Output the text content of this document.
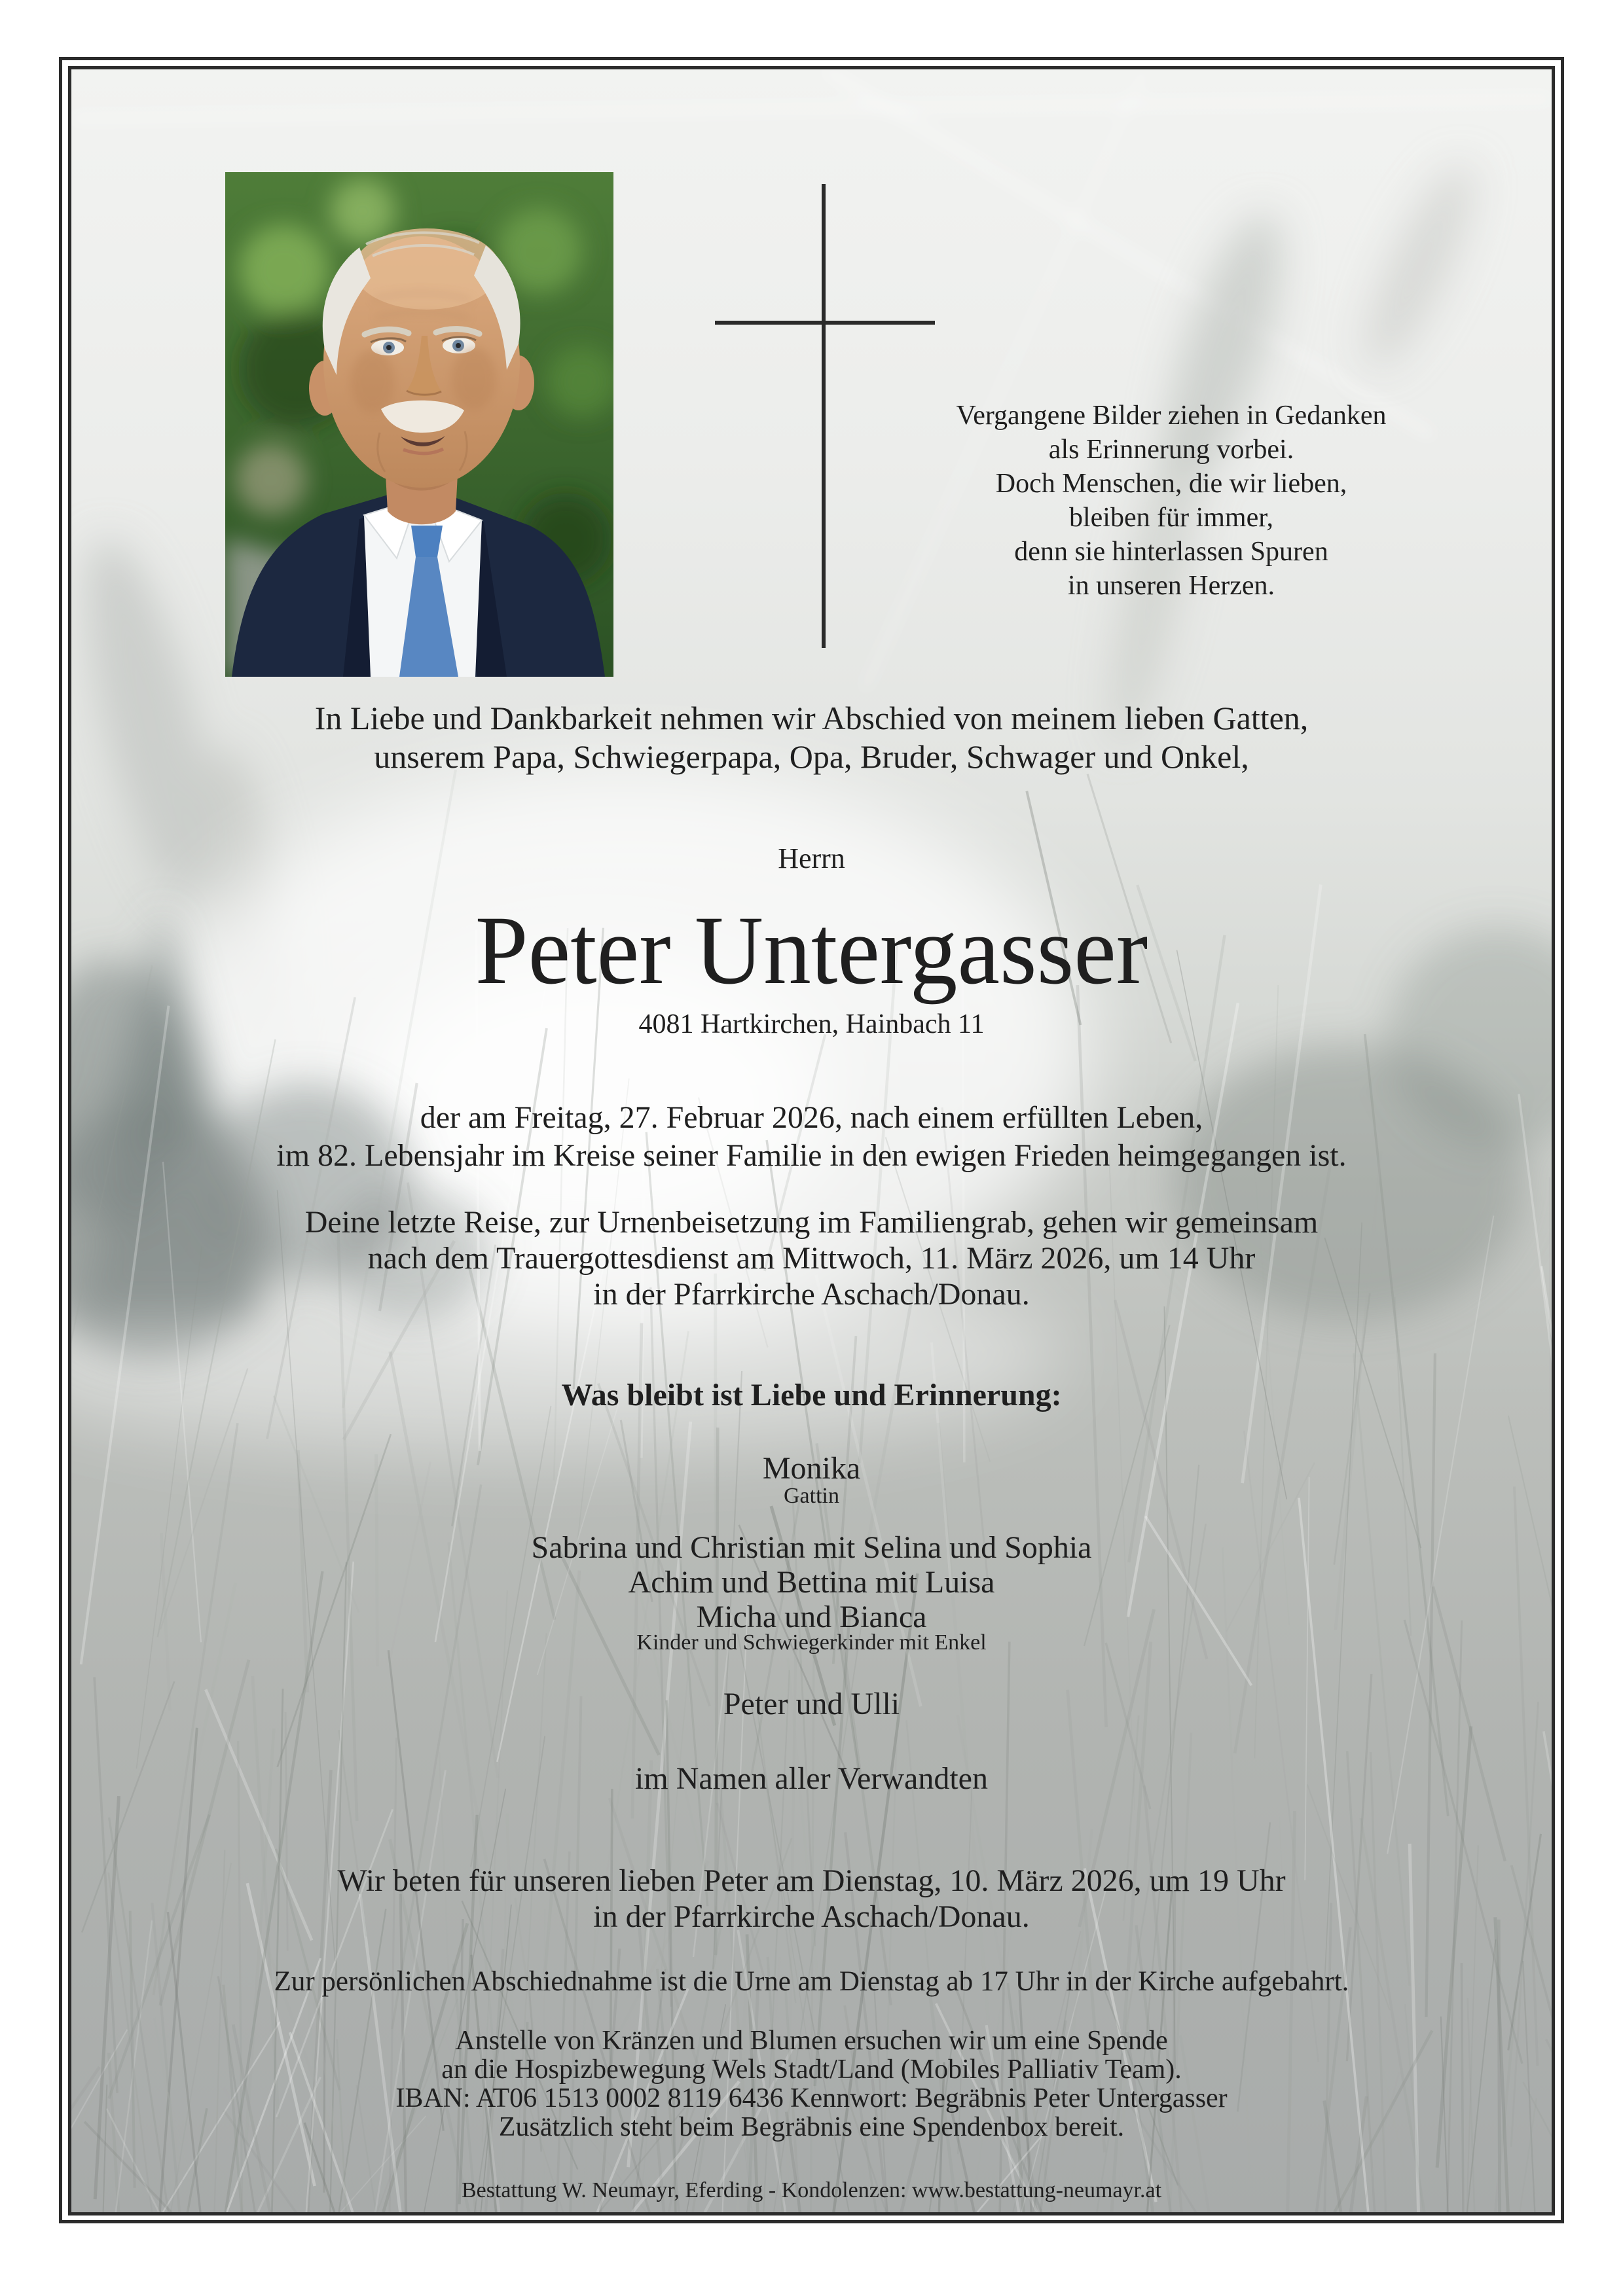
Vergangene Bilder ziehen in Gedanken
als Erinnerung vorbei.
Doch Menschen, die wir lieben,
bleiben für immer,
denn sie hinterlassen Spuren
in unseren Herzen.
In Liebe und Dankbarkeit nehmen wir Abschied von meinem lieben Gatten,
unserem Papa, Schwiegerpapa, Opa, Bruder, Schwager und Onkel,
Herrn
Peter Untergasser
4081 Hartkirchen, Hainbach 11
der am Freitag, 27. Februar 2026, nach einem erfüllten Leben,
im 82. Lebensjahr im Kreise seiner Familie in den ewigen Frieden heimgegangen ist.
Deine letzte Reise, zur Urnenbeisetzung im Familiengrab, gehen wir gemeinsam
nach dem Trauergottesdienst am Mittwoch, 11. März 2026, um 14 Uhr
in der Pfarrkirche Aschach/Donau.
Was bleibt ist Liebe und Erinnerung:
Monika
Gattin
Sabrina und Christian mit Selina und Sophia
Achim und Bettina mit Luisa
Micha und Bianca
Kinder und Schwiegerkinder mit Enkel
Peter und Ulli
im Namen aller Verwandten
Wir beten für unseren lieben Peter am Dienstag, 10. März 2026, um 19 Uhr
in der Pfarrkirche Aschach/Donau.
Zur persönlichen Abschiednahme ist die Urne am Dienstag ab 17 Uhr in der Kirche aufgebahrt.
Anstelle von Kränzen und Blumen ersuchen wir um eine Spende
an die Hospizbewegung Wels Stadt/Land (Mobiles Palliativ Team).
IBAN: AT06 1513 0002 8119 6436 Kennwort: Begräbnis Peter Untergasser
Zusätzlich steht beim Begräbnis eine Spendenbox bereit.
Bestattung W. Neumayr, Eferding - Kondolenzen: www.bestattung-neumayr.at
